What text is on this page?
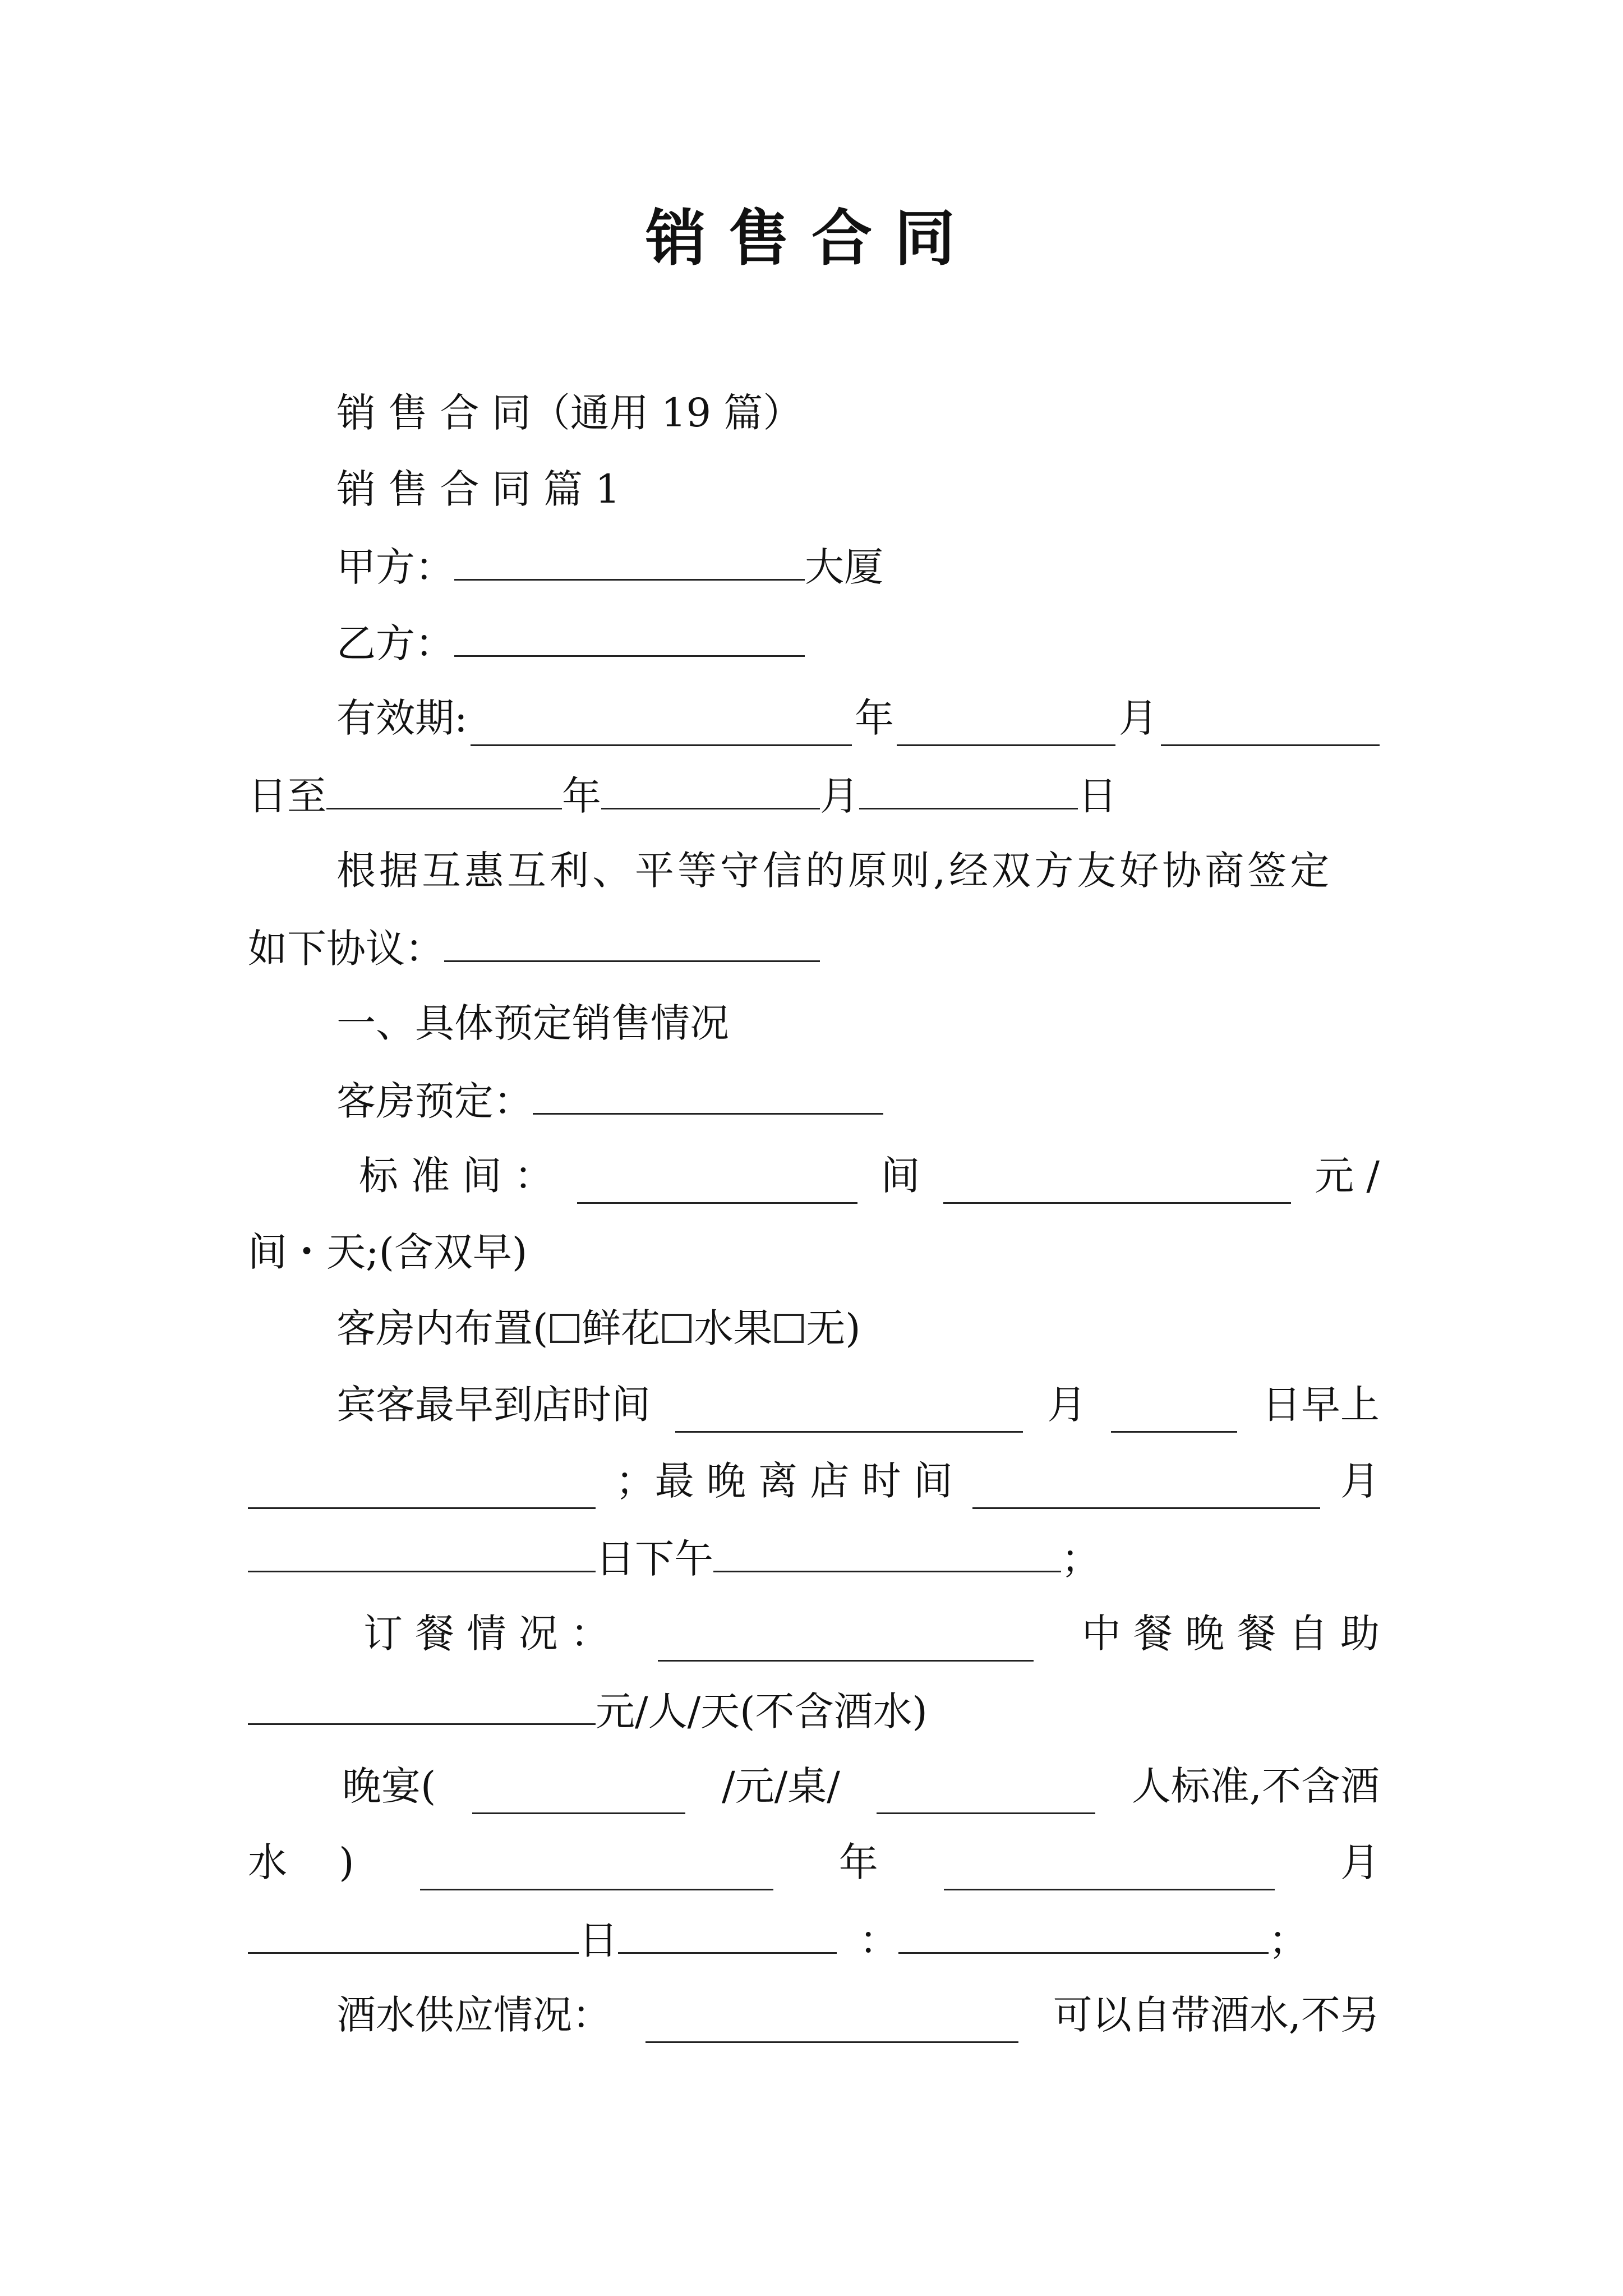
销售合同
销 售 合 同（通用 19 篇）
销 售 合 同 篇 1
甲方：	大厦
乙方：
有效期:	年	月
日至	年	月	日
根据互惠互利、平等守信的原则,经双方友好协商签定
如下协议：
一、具体预定销售情况
客房预定：
标 准 间 ：	间	元 /
间・天;(含双早)
客房内布置( 鲜花 水果 无)
宾客最早到店时间	月	日早上
；最 晚 离 店 时 间	月
日下午	；
订 餐 情 况 ：	中 餐 晚 餐 自 助
元/人/天(不含酒水)
晚宴(	/元/桌/	人标准,不含酒
水　 )	年	月
日	：	；
酒水供应情况：	可以自带酒水,不另
